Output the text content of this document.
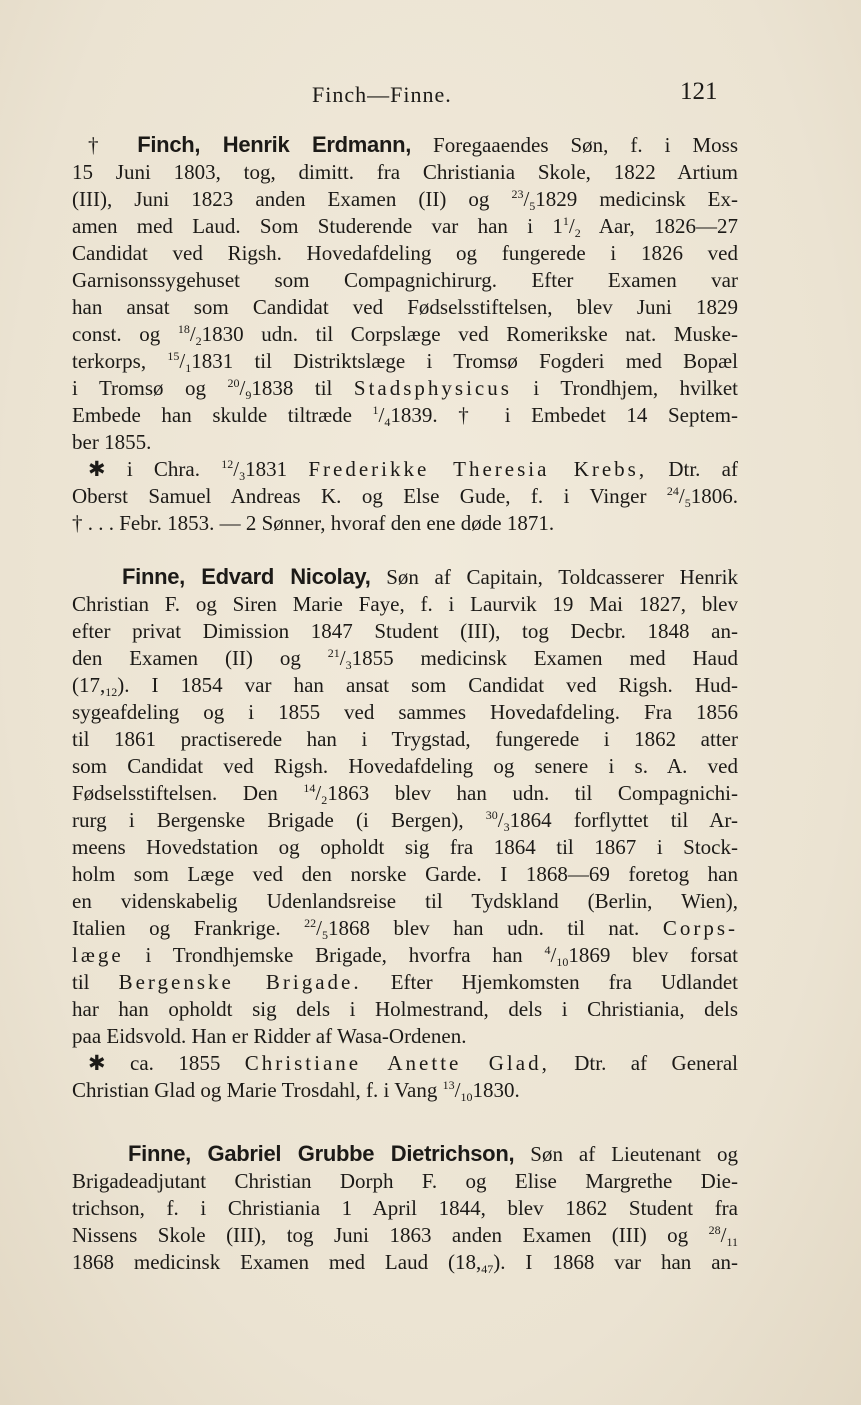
Finch—Finne.	121

† Finch, Henrik Erdmann, Foregaaendes Søn, f. i Moss

15 Juni 1803, tog, dimitt. fra Christiania Skole, 1822 Artium

(III), Juni 1823 anden Examen (II) og $^{23}/_51829$ medicinsk Ex-

amen med Laud. Som Studerende var han i $1^1/_2$ Aar, 1826—27

Candidat ved Rigsh. Hovedafdeling og fungerede i 1826 ved

Garnisonssygehuset som Compagnichirurg. Efter Examen var

han ansat som Candidat ved Fødselsstiftelsen, blev Juni 1829

const. og $^{18}/_21830$ udn. til Corpslæge ved Romerikske nat. Muske-

terkorps, $^{15}/_11831$ til Distriktslæge i Tromsø Fogderi med Bopæl

i Tromsø og $^{20}/_91838$ til Stadsphysicus i Trondhjem, hvilket

Embede han skulde tiltræde $^1/_41839$. † i Embedet 14 Septem-

ber 1855.

✱ i Chra. $^{12}/_31831$ Frederikke Theresia Krebs, Dtr. af

Oberst Samuel Andreas K. og Else Gude, f. i Vinger $^{24}/_51806$.

† . . . Febr. 1853. — 2 Sønner, hvoraf den ene døde 1871.

Finne, Edvard Nicolay, Søn af Capitain, Toldcasserer Henrik

Christian F. og Siren Marie Faye, f. i Laurvik 19 Mai 1827, blev

efter privat Dimission 1847 Student (III), tog Decbr. 1848 an-

den Examen (II) og $^{21}/_31855$ medicinsk Examen med Haud

$(17,_{12})$. I 1854 var han ansat som Candidat ved Rigsh. Hud-

sygeafdeling og i 1855 ved sammes Hovedafdeling. Fra 1856

til 1861 practiserede han i Trygstad, fungerede i 1862 atter

som Candidat ved Rigsh. Hovedafdeling og senere i s. A. ved

Fødselsstiftelsen. Den $^{14}/_21863$ blev han udn. til Compagnichi-

rurg i Bergenske Brigade (i Bergen), $^{30}/_31864$ forflyttet til Ar-

meens Hovedstation og opholdt sig fra 1864 til 1867 i Stock-

holm som Læge ved den norske Garde. I 1868—69 foretog han

en videnskabelig Udenlandsreise til Tydskland (Berlin, Wien),

Italien og Frankrige. $^{22}/_51868$ blev han udn. til nat. Corps-

læge i Trondhjemske Brigade, hvorfra han $^4/_{10}1869$ blev forsat

til Bergenske Brigade. Efter Hjemkomsten fra Udlandet

har han opholdt sig dels i Holmestrand, dels i Christiania, dels

paa Eidsvold. Han er Ridder af Wasa-Ordenen.

✱ ca. 1855 Christiane Anette Glad, Dtr. af General

Christian Glad og Marie Trosdahl, f. i Vang $^{13}/_{10}1830$.

Finne, Gabriel Grubbe Dietrichson, Søn af Lieutenant og

Brigadeadjutant Christian Dorph F. og Elise Margrethe Die-

trichson, f. i Christiania 1 April 1844, blev 1862 Student fra

Nissens Skole (III), tog Juni 1863 anden Examen (III) og $^{28}/_{11}$

1868 medicinsk Examen med Laud $(18,_{47})$. I 1868 var han an-
